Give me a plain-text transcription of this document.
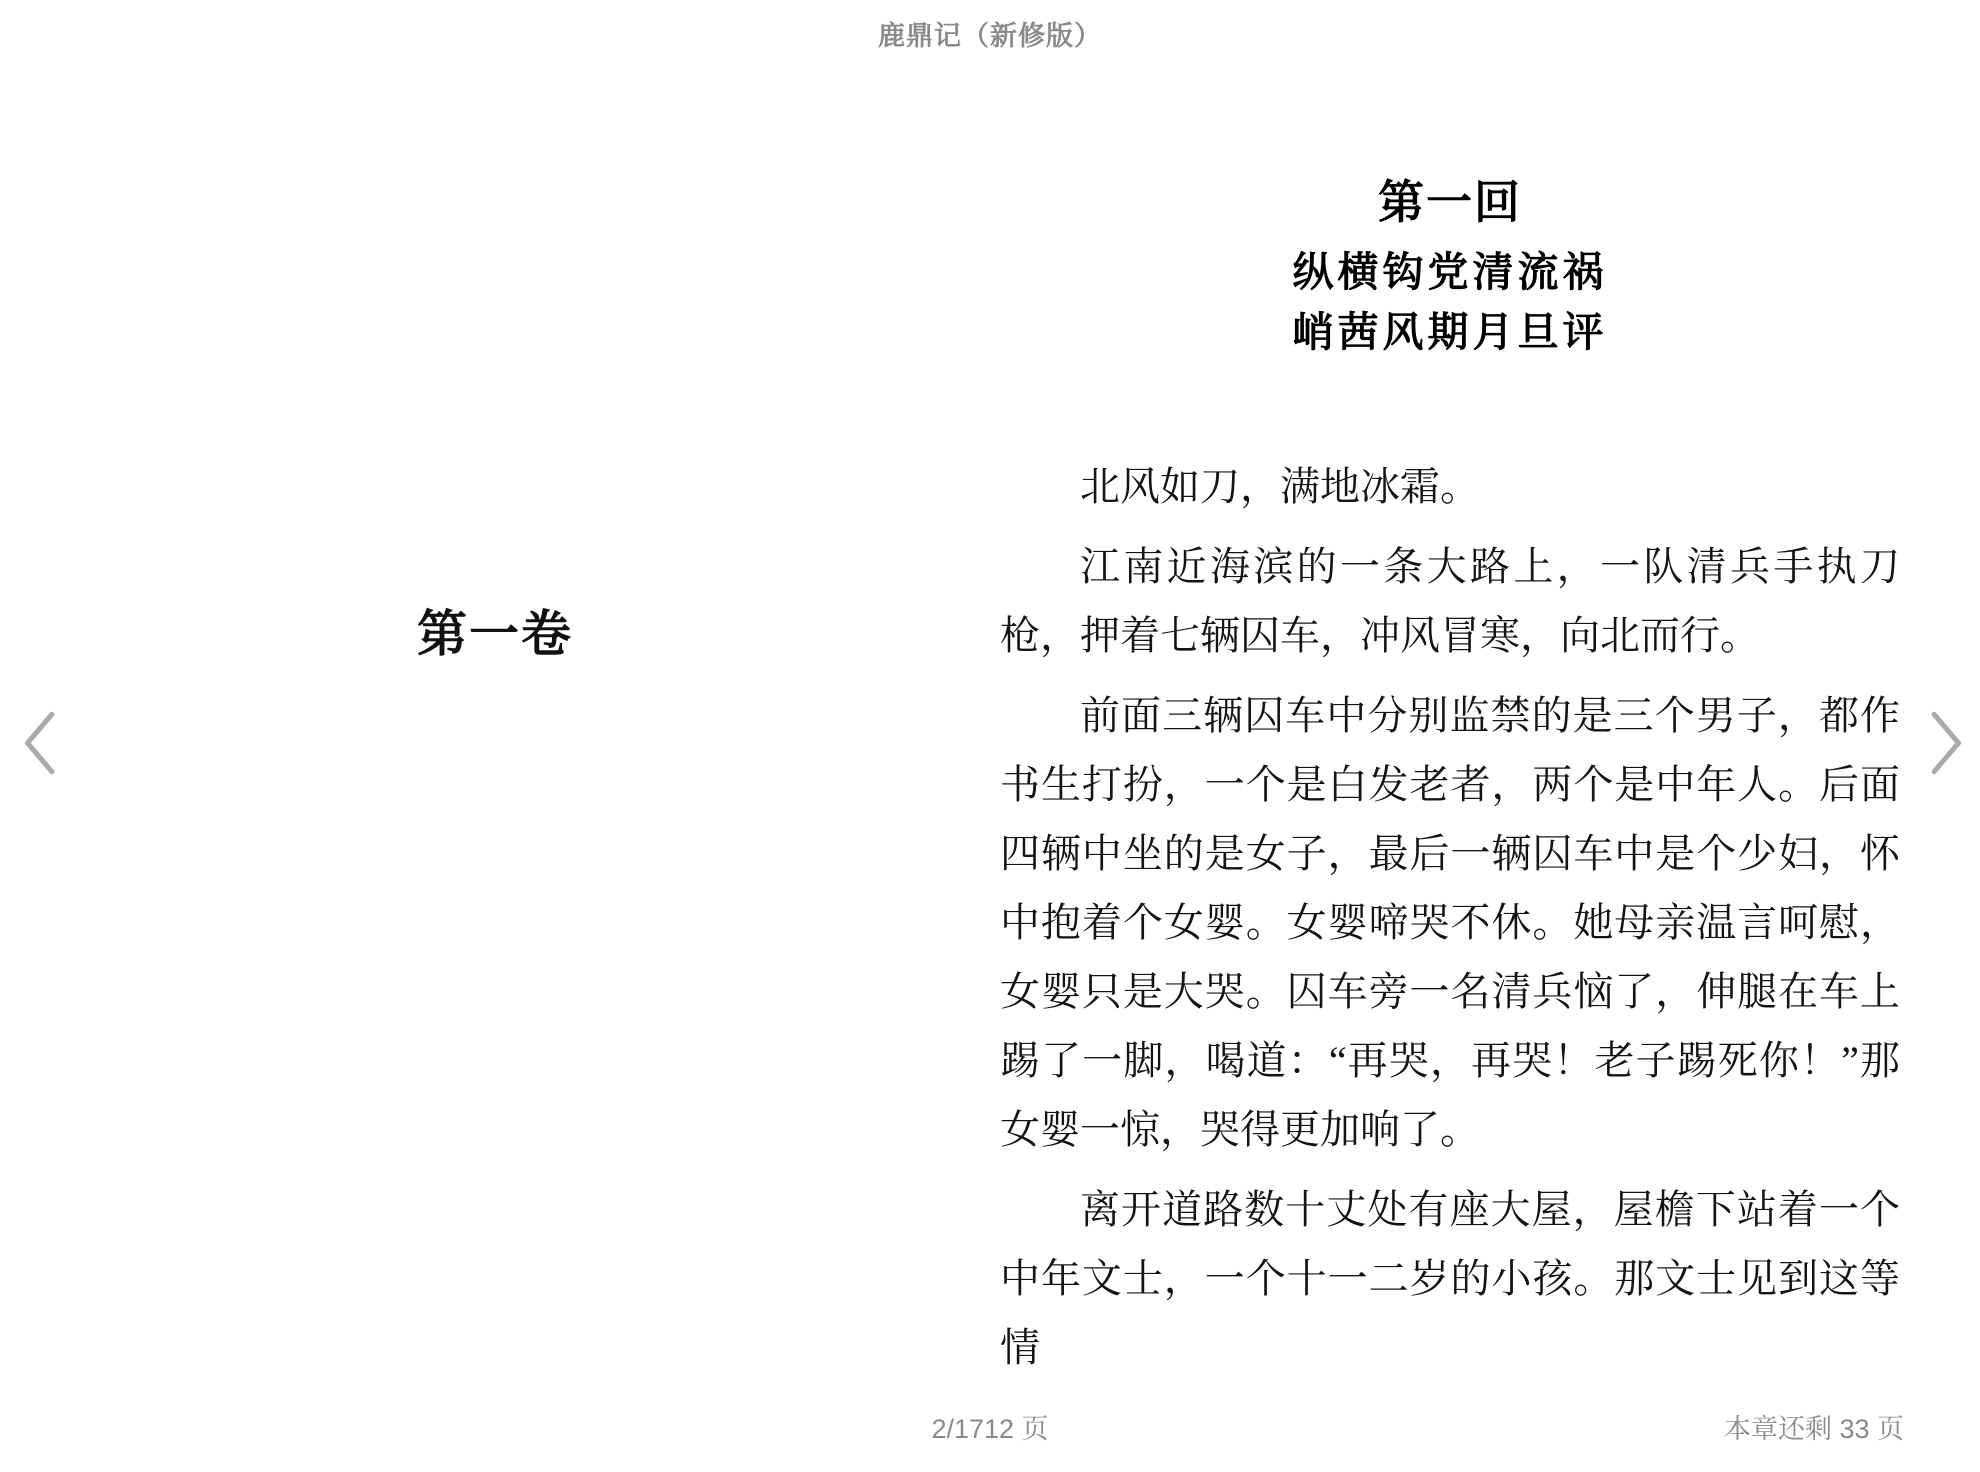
鹿鼎记（新修版）
第一卷
第一回
纵横钩党清流祸
峭茜风期月旦评

北风如刀，满地冰霜。

江南近海滨的一条大路上，一队清兵手执刀枪，押着七辆囚车，冲风冒寒，向北而行。

前面三辆囚车中分别监禁的是三个男子，都作书生打扮，一个是白发老者，两个是中年人。后面四辆中坐的是女子，最后一辆囚车中是个少妇，怀中抱着个女婴。女婴啼哭不休。她母亲温言呵慰，女婴只是大哭。囚车旁一名清兵恼了，伸腿在车上踢了一脚，喝道：“再哭，再哭！老子踢死你！”那女婴一惊，哭得更加响了。

离开道路数十丈处有座大屋，屋檐下站着一个中年文士，一个十一二岁的小孩。那文士见到这等情

2/1712 页	本章还剩 33 页
